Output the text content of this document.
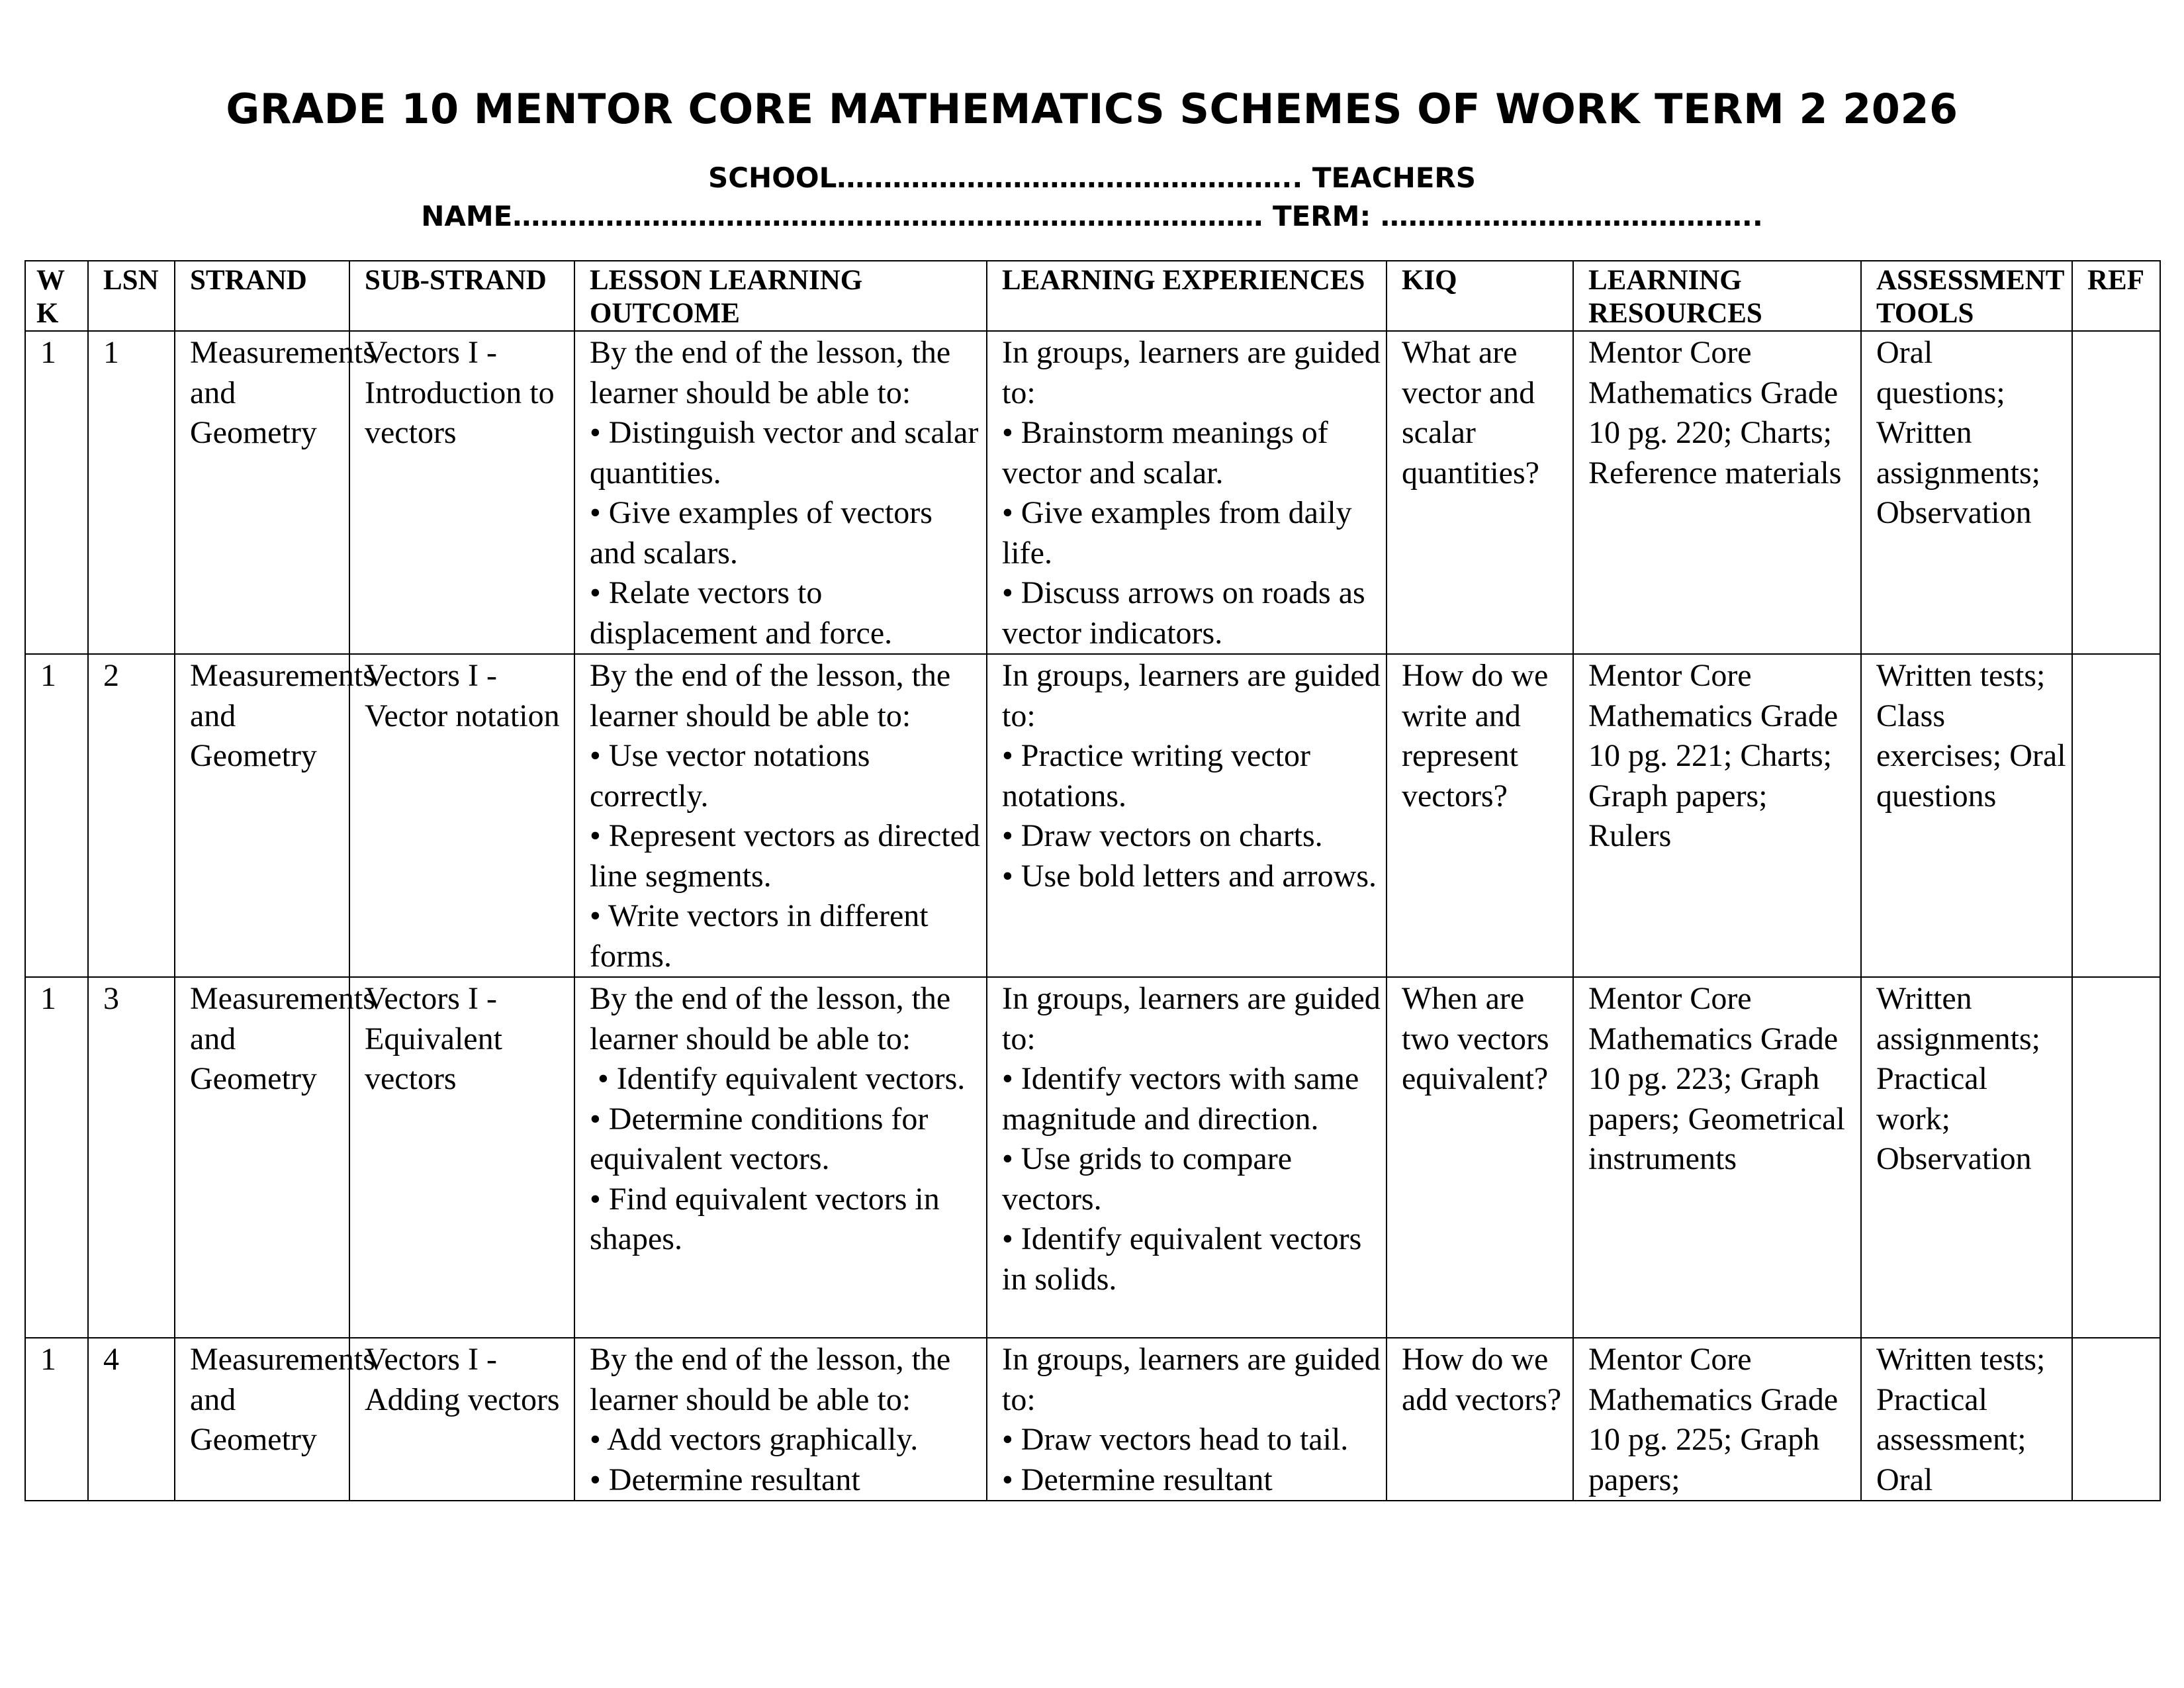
GRADE 10 MENTOR CORE MATHEMATICS SCHEMES OF WORK TERM 2 2026
SCHOOL………………………………………….. TEACHERS
NAME……………………………………………………………………… TERM: …………………………………..
WK	LSN	STRAND	SUB-STRAND	LESSON LEARNING OUTCOME	LEARNING EXPERIENCES	KIQ	LEARNING RESOURCES	ASSESSMENT TOOLS	REF
1	1	Measurements and Geometry	Vectors I - Introduction to vectors	By the end of the lesson, the learner should be able to:
• Distinguish vector and scalar quantities.
• Give examples of vectors and scalars.
• Relate vectors to displacement and force.	In groups, learners are guided to:
• Brainstorm meanings of vector and scalar.
• Give examples from daily life.
• Discuss arrows on roads as vector indicators.	What are vector and scalar quantities?	Mentor Core Mathematics Grade 10 pg. 220; Charts; Reference materials	Oral questions; Written assignments; Observation	
1	2	Measurements and Geometry	Vectors I - Vector notation	By the end of the lesson, the learner should be able to:
• Use vector notations correctly.
• Represent vectors as directed line segments.
• Write vectors in different forms.	In groups, learners are guided to:
• Practice writing vector notations.
• Draw vectors on charts.
• Use bold letters and arrows.	How do we write and represent vectors?	Mentor Core Mathematics Grade 10 pg. 221; Charts; Graph papers; Rulers	Written tests; Class exercises; Oral questions	
1	3	Measurements and Geometry	Vectors I - Equivalent vectors	By the end of the lesson, the learner should be able to:
• Identify equivalent vectors. • Determine conditions for equivalent vectors.
• Find equivalent vectors in shapes.	In groups, learners are guided to:
• Identify vectors with same magnitude and direction.
• Use grids to compare vectors.
• Identify equivalent vectors in solids.	When are two vectors equivalent?	Mentor Core Mathematics Grade 10 pg. 223; Graph papers; Geometrical instruments	Written assignments; Practical work; Observation	
1	4	Measurements and Geometry	Vectors I - Adding vectors	By the end of the lesson, the learner should be able to:
• Add vectors graphically.
• Determine resultant	In groups, learners are guided to:
• Draw vectors head to tail.
• Determine resultant	How do we add vectors?	Mentor Core Mathematics Grade 10 pg. 225; Graph papers;	Written tests; Practical assessment; Oral	
